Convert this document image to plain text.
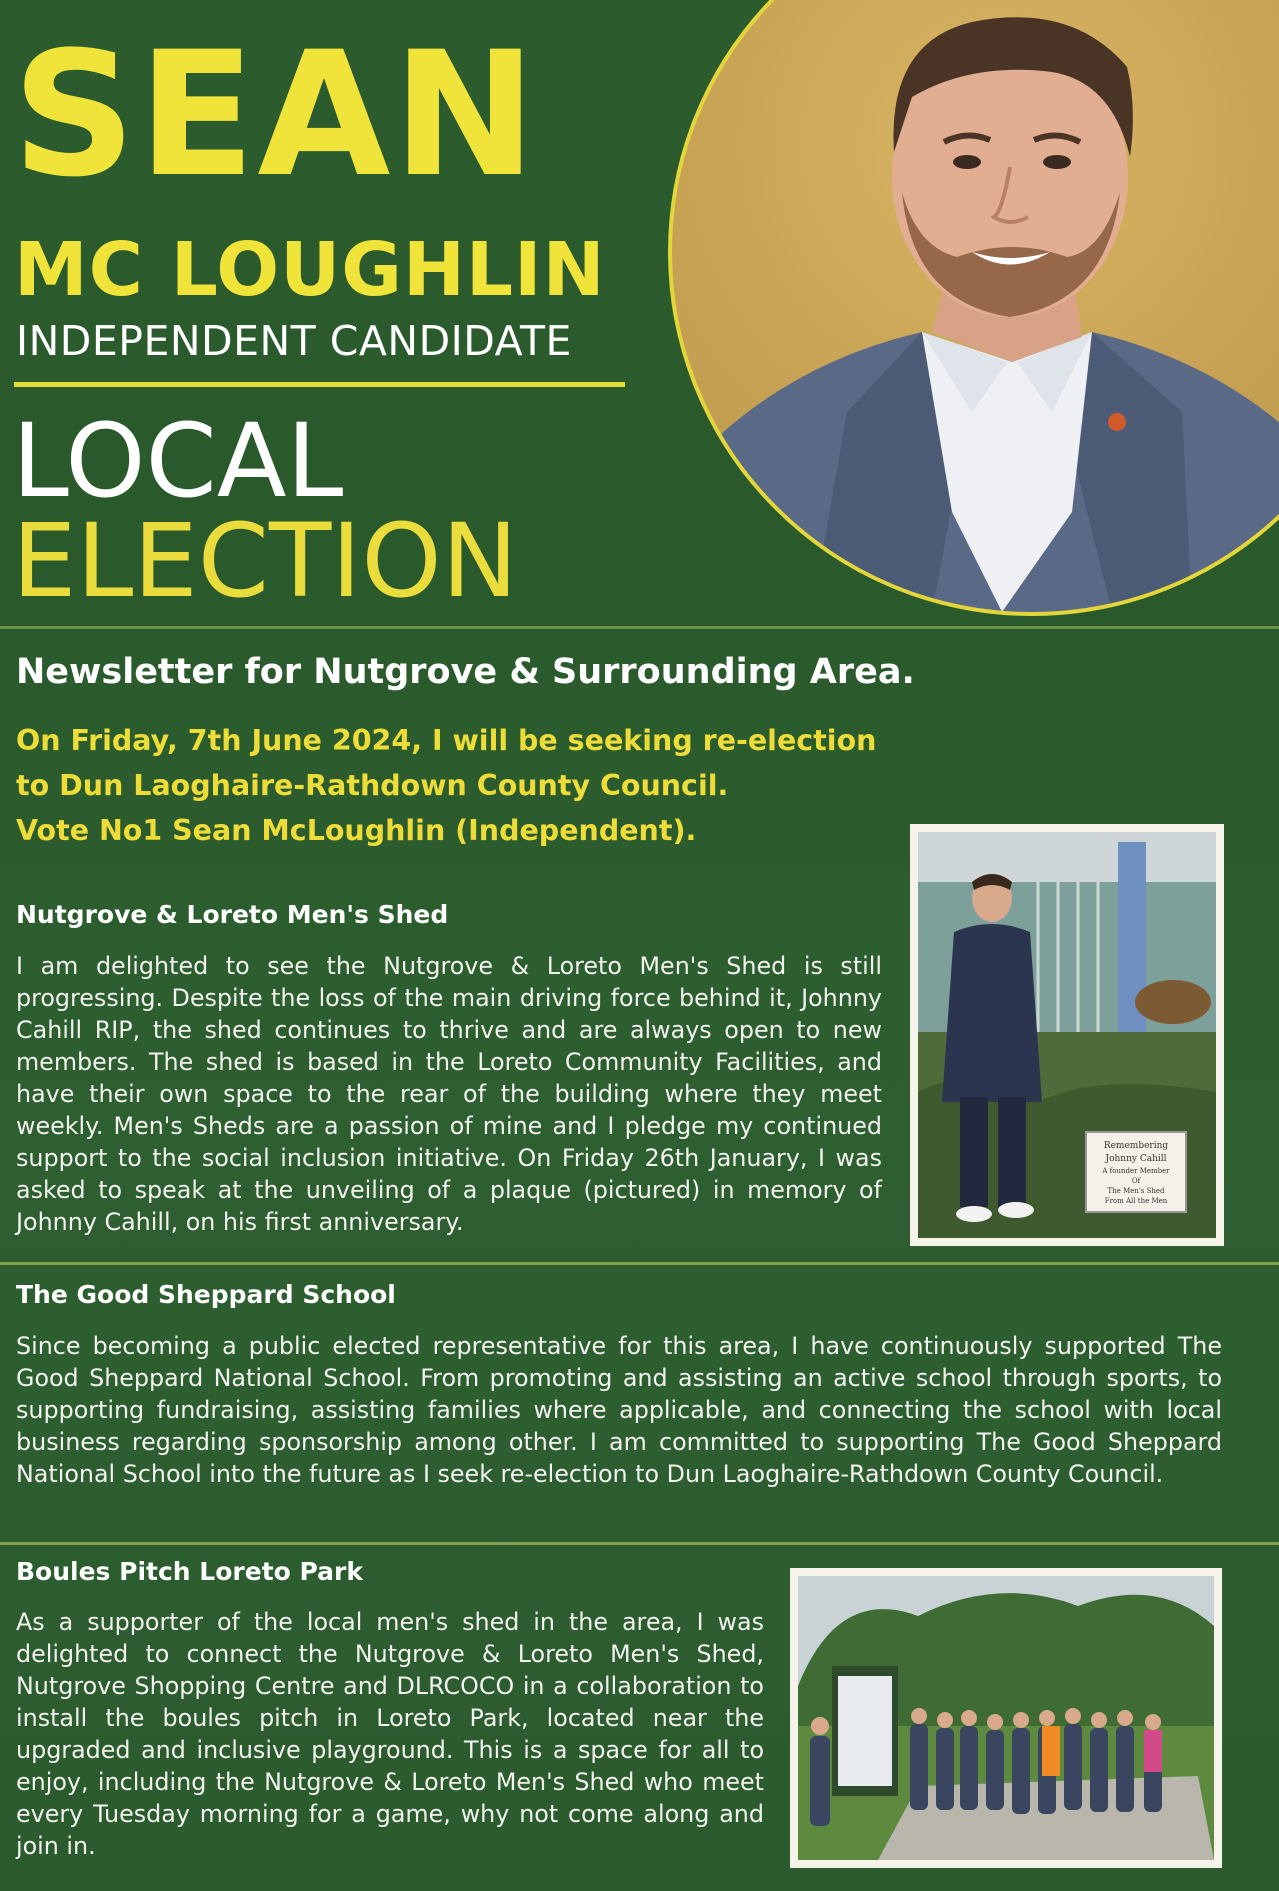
SEAN
MC LOUGHLIN
INDEPENDENT CANDIDATE
LOCAL
ELECTION
Newsletter for Nutgrove & Surrounding Area.
On Friday, 7th June 2024, I will be seeking re-election
to Dun Laoghaire-Rathdown County Council.
Vote No1 Sean McLoughlin (Independent).
Nutgrove & Loreto Men's Shed
I am delighted to see the Nutgrove & Loreto Men's Shed is still progressing. Despite the loss of the main driving force behind it, Johnny Cahill RIP, the shed continues to thrive and are always open to new members. The shed is based in the Loreto Community Facilities, and have their own space to the rear of the building where they meet weekly. Men's Sheds are a passion of mine and I pledge my continued support to the social inclusion initiative. On Friday 26th January, I was asked to speak at the unveiling of a plaque (pictured) in memory of Johnny Cahill, on his first anniversary.
Remembering
Johnny Cahill
A founder Member
Of
The Men's Shed
From All the Men
The Good Sheppard School
Since becoming a public elected representative for this area, I have continuously supported The Good Sheppard National School. From promoting and assisting an active school through sports, to supporting fundraising, assisting families where applicable, and connecting the school with local business regarding sponsorship among other. I am committed to supporting The Good Sheppard National School into the future as I seek re-election to Dun Laoghaire-Rathdown County Council.
Boules Pitch Loreto Park
As a supporter of the local men's shed in the area, I was delighted to connect the Nutgrove & Loreto Men's Shed, Nutgrove Shopping Centre and DLRCOCO in a collaboration to install the boules pitch in Loreto Park, located near the upgraded and inclusive playground. This is a space for all to enjoy, including the Nutgrove & Loreto Men's Shed who meet every Tuesday morning for a game, why not come along and join in.
